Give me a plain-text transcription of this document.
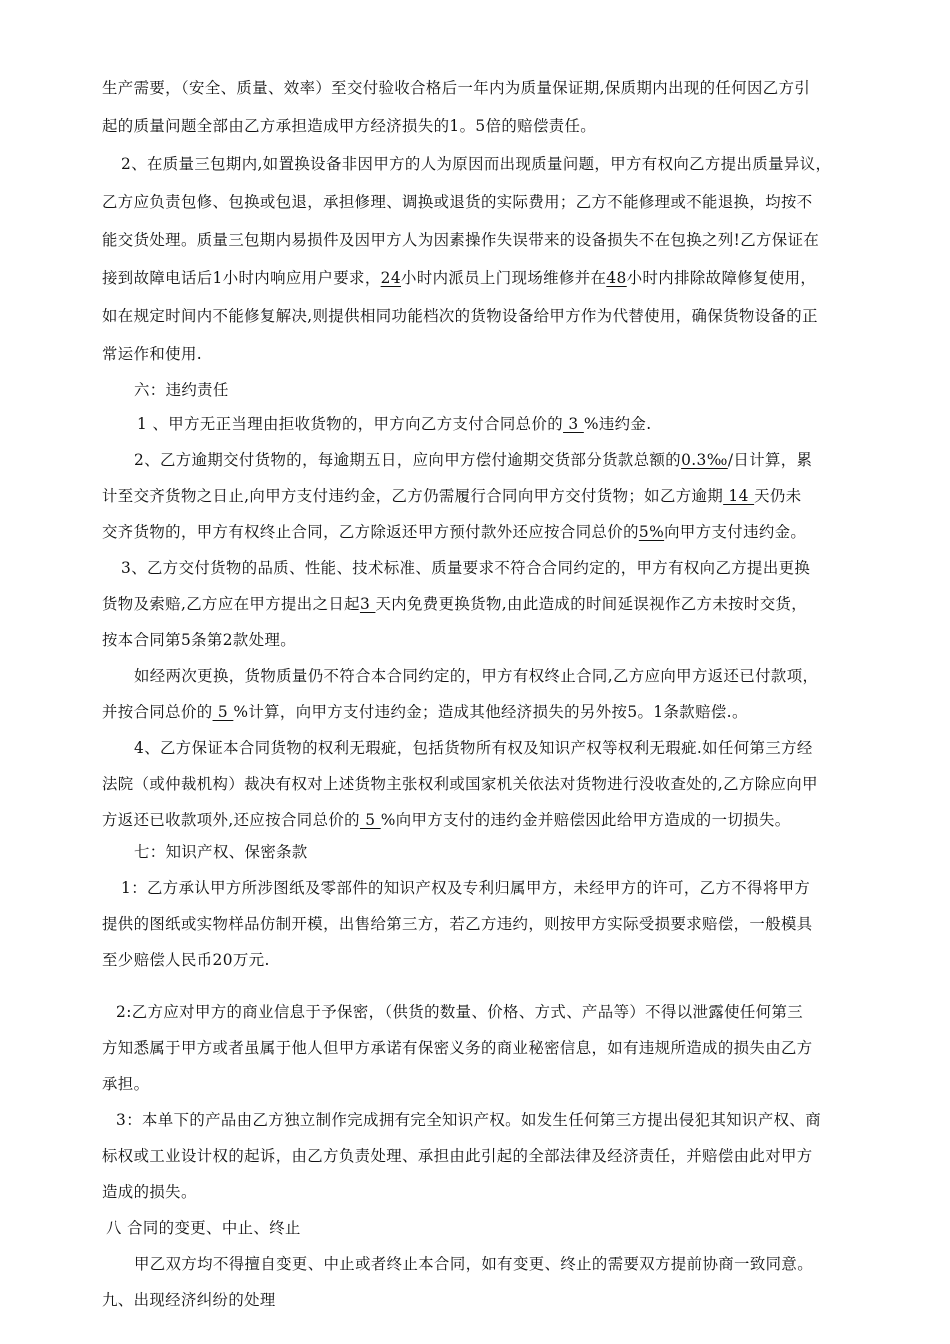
生产需要，（安全、质量、效率）至交付验收合格后一年内为质量保证期,保质期内出现的任何因乙方引
起的质量问题全部由乙方承担造成甲方经济损失的1。5倍的赔偿责任。
2、在质量三包期内,如置换设备非因甲方的人为原因而出现质量问题，甲方有权向乙方提出质量异议，
乙方应负责包修、包换或包退，承担修理、调换或退货的实际费用；乙方不能修理或不能退换，均按不
能交货处理。质量三包期内易损件及因甲方人为因素操作失误带来的设备损失不在包换之列!乙方保证在
接到故障电话后1小时内响应用户要求，24小时内派员上门现场维修并在48小时内排除故障修复使用，
如在规定时间内不能修复解决,则提供相同功能档次的货物设备给甲方作为代替使用，确保货物设备的正
常运作和使用.
六：违约责任
1 、甲方无正当理由拒收货物的，甲方向乙方支付合同总价的 3 %违约金.
2、乙方逾期交付货物的，每逾期五日，应向甲方偿付逾期交货部分货款总额的0.3‰/日计算，累
计至交齐货物之日止,向甲方支付违约金，乙方仍需履行合同向甲方交付货物；如乙方逾期 14 天仍未
交齐货物的，甲方有权终止合同，乙方除返还甲方预付款外还应按合同总价的5%向甲方支付违约金。
3、乙方交付货物的品质、性能、技术标准、质量要求不符合合同约定的，甲方有权向乙方提出更换
货物及索赔,乙方应在甲方提出之日起3 天内免费更换货物,由此造成的时间延误视作乙方未按时交货，
按本合同第5条第2款处理。
如经两次更换，货物质量仍不符合本合同约定的，甲方有权终止合同,乙方应向甲方返还已付款项，
并按合同总价的 5 %计算，向甲方支付违约金；造成其他经济损失的另外按5。1条款赔偿.。
4、乙方保证本合同货物的权利无瑕疵，包括货物所有权及知识产权等权利无瑕疵.如任何第三方经
法院（或仲裁机构）裁决有权对上述货物主张权利或国家机关依法对货物进行没收查处的,乙方除应向甲
方返还已收款项外,还应按合同总价的 5 %向甲方支付的违约金并赔偿因此给甲方造成的一切损失。
七：知识产权、保密条款
1：乙方承认甲方所涉图纸及零部件的知识产权及专利归属甲方，未经甲方的许可，乙方不得将甲方
提供的图纸或实物样品仿制开模，出售给第三方，若乙方违约，则按甲方实际受损要求赔偿，一般模具
至少赔偿人民币20万元.
2:乙方应对甲方的商业信息于予保密，（供货的数量、价格、方式、产品等）不得以泄露使任何第三
方知悉属于甲方或者虽属于他人但甲方承诺有保密义务的商业秘密信息，如有违规所造成的损失由乙方
承担。
3：本单下的产品由乙方独立制作完成拥有完全知识产权。如发生任何第三方提出侵犯其知识产权、商
标权或工业设计权的起诉，由乙方负责处理、承担由此引起的全部法律及经济责任，并赔偿由此对甲方
造成的损失。
八 合同的变更、中止、终止
甲乙双方均不得擅自变更、中止或者终止本合同，如有变更、终止的需要双方提前协商一致同意。
九、出现经济纠纷的处理
